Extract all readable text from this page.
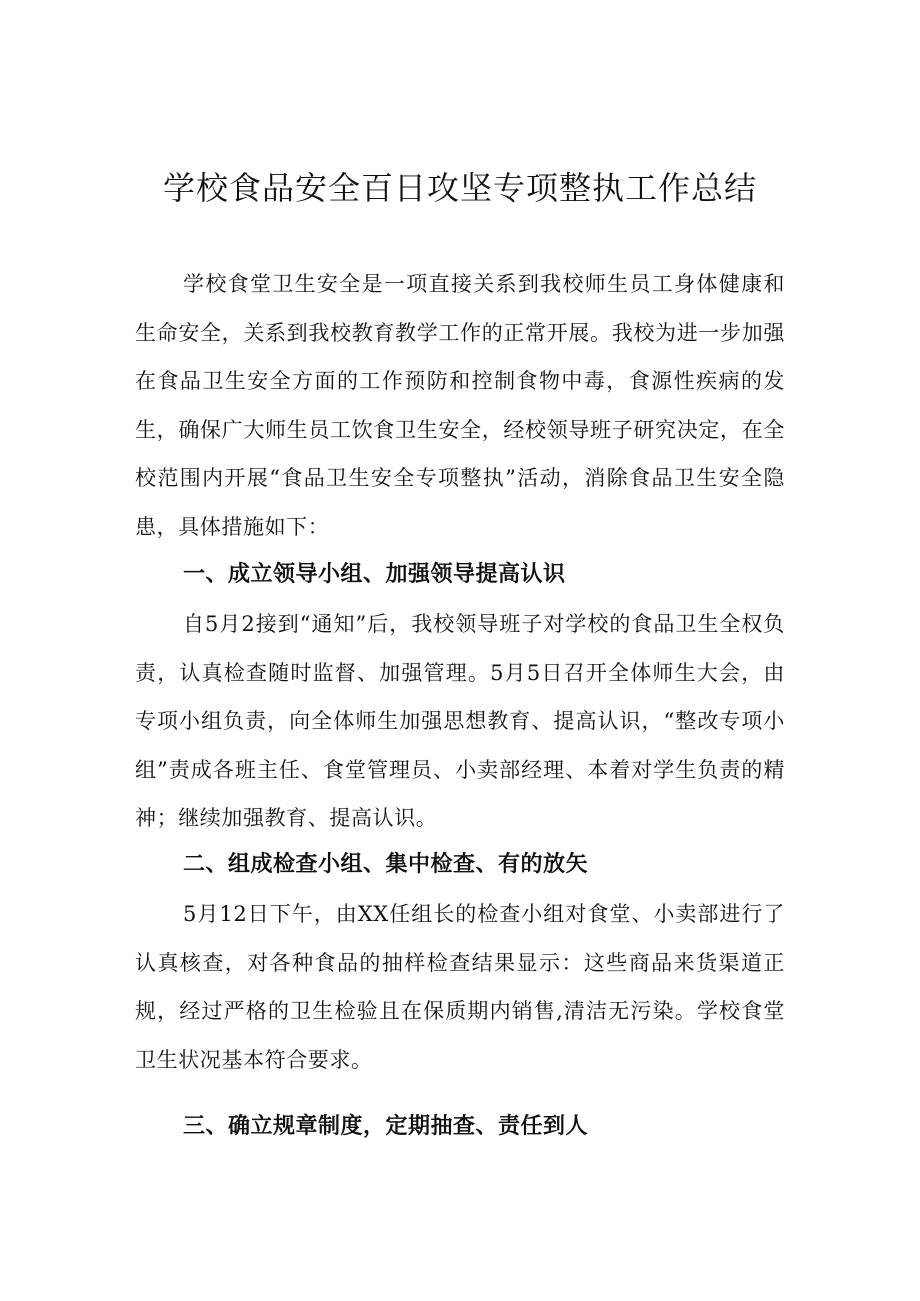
学校食品安全百日攻坚专项整执工作总结

学校食堂卫生安全是一项直接关系到我校师生员工身体健康和生命安全，关系到我校教育教学工作的正常开展。我校为进一步加强在食品卫生安全方面的工作预防和控制食物中毒，食源性疾病的发生，确保广大师生员工饮食卫生安全，经校领导班子研究决定，在全校范围内开展“食品卫生安全专项整执”活动，消除食品卫生安全隐患，具体措施如下：

一、成立领导小组、加强领导提高认识

自5月2接到“通知”后，我校领导班子对学校的食品卫生全权负责，认真检查随时监督、加强管理。5月5日召开全体师生大会，由专项小组负责，向全体师生加强思想教育、提高认识，“整改专项小组”责成各班主任、食堂管理员、小卖部经理、本着对学生负责的精神；继续加强教育、提高认识。

二、组成检查小组、集中检查、有的放矢

5月12日下午，由XX任组长的检查小组对食堂、小卖部进行了认真核查，对各种食品的抽样检查结果显示：这些商品来货渠道正规，经过严格的卫生检验且在保质期内销售,清洁无污染。学校食堂卫生状况基本符合要求。

三、确立规章制度，定期抽查、责任到人
